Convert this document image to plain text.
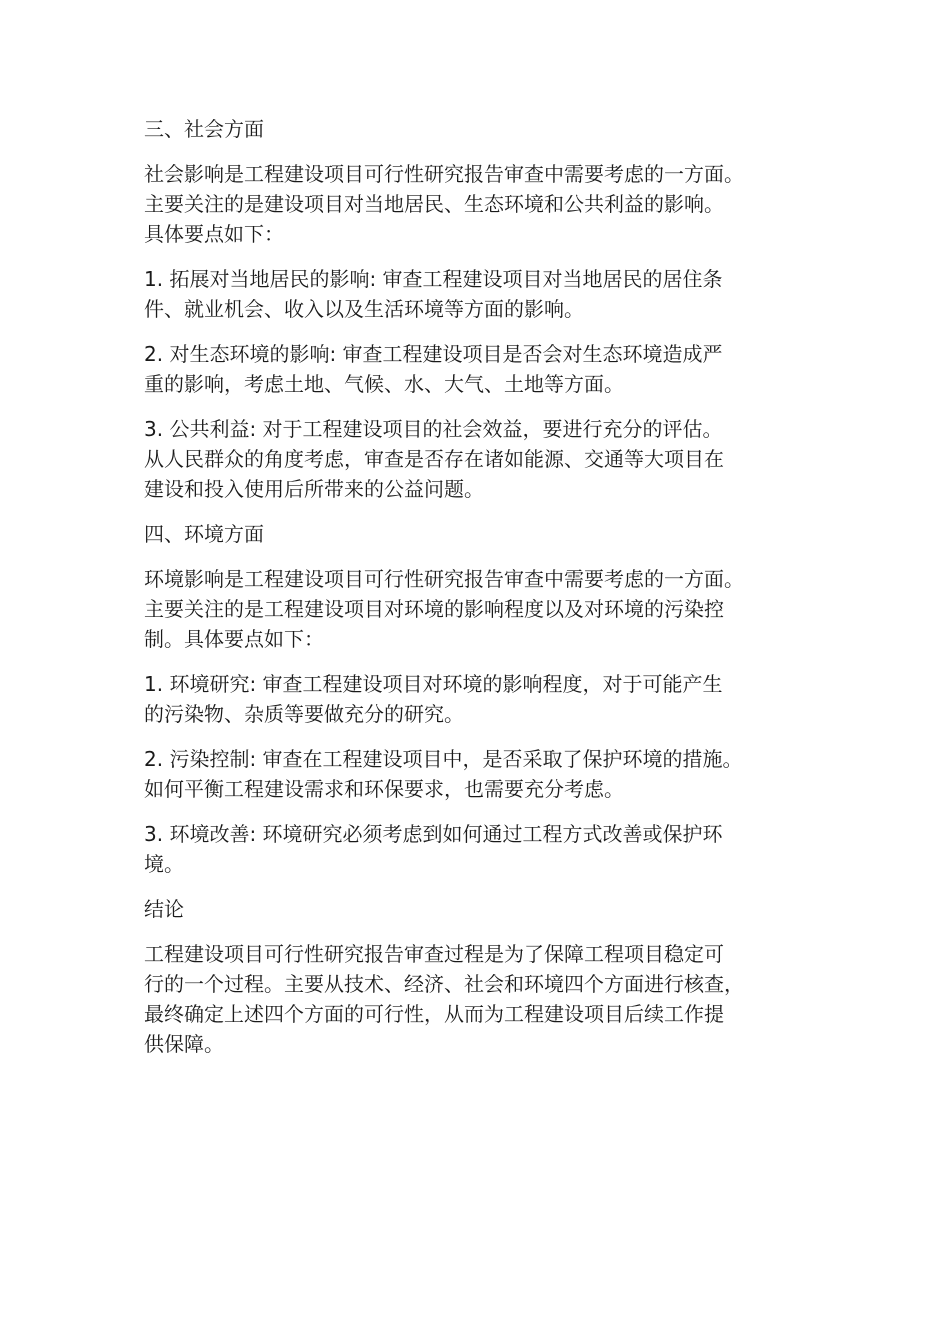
三、社会方面

社会影响是工程建设项目可行性研究报告审查中需要考虑的一方面。
主要关注的是建设项目对当地居民、生态环境和公共利益的影响。
具体要点如下：

1. 拓展对当地居民的影响: 审查工程建设项目对当地居民的居住条
件、就业机会、收入以及生活环境等方面的影响。

2. 对生态环境的影响: 审查工程建设项目是否会对生态环境造成严
重的影响，考虑土地、气候、水、大气、土地等方面。

3. 公共利益: 对于工程建设项目的社会效益，要进行充分的评估。
从人民群众的角度考虑，审查是否存在诸如能源、交通等大项目在
建设和投入使用后所带来的公益问题。

四、环境方面

环境影响是工程建设项目可行性研究报告审查中需要考虑的一方面。
主要关注的是工程建设项目对环境的影响程度以及对环境的污染控
制。具体要点如下：

1. 环境研究: 审查工程建设项目对环境的影响程度，对于可能产生
的污染物、杂质等要做充分的研究。

2. 污染控制: 审查在工程建设项目中，是否采取了保护环境的措施。
如何平衡工程建设需求和环保要求，也需要充分考虑。

3. 环境改善: 环境研究必须考虑到如何通过工程方式改善或保护环
境。

结论

工程建设项目可行性研究报告审查过程是为了保障工程项目稳定可
行的一个过程。主要从技术、经济、社会和环境四个方面进行核查，
最终确定上述四个方面的可行性，从而为工程建设项目后续工作提
供保障。
